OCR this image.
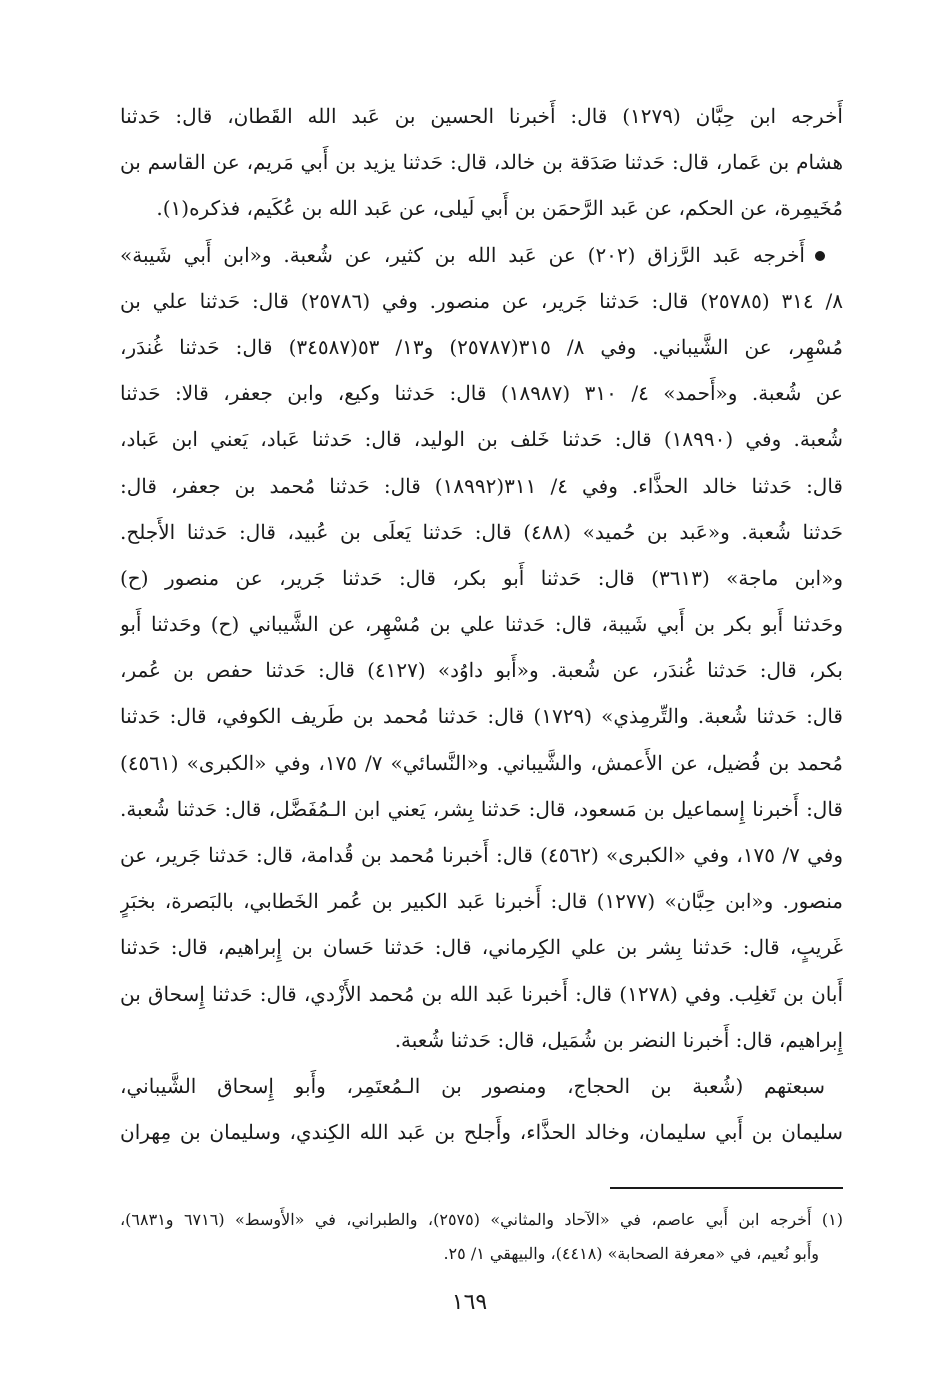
أَخرجه ابن حِبَّان (١٢٧٩) قال: أَخبرنا الحسين بن عَبد الله القَطان، قال: حَدثنا
هشام بن عَمار، قال: حَدثنا صَدَقة بن خالد، قال: حَدثنا يزيد بن أَبي مَريم، عن القاسم بن
مُخَيمِرة، عن الحكم، عن عَبد الرَّحمَن بن أَبي لَيلى، عن عَبد الله بن عُكَيم، فذكره(١).
أَخرجه عَبد الرَّزاق (٢٠٢) عن عَبد الله بن كثير، عن شُعبة. و«ابن أَبي شَيبة»
٨/ ٣١٤ (٢٥٧٨٥) قال: حَدثنا جَرير، عن منصور. وفي (٢٥٧٨٦) قال: حَدثنا علي بن
مُسْهِر، عن الشَّيباني. وفي ٨/ ٣١٥(٢٥٧٨٧) و١٣/ ٥٣(٣٤٥٨٧) قال: حَدثنا غُندَر،
عن شُعبة. و«أَحمد» ٤/ ٣١٠ (١٨٩٨٧) قال: حَدثنا وكيع، وابن جعفر، قالا: حَدثنا
شُعبة. وفي (١٨٩٩٠) قال: حَدثنا خَلف بن الوليد، قال: حَدثنا عَباد، يَعني ابن عَباد،
قال: حَدثنا خالد الحذَّاء. وفي ٤/ ٣١١(١٨٩٩٢) قال: حَدثنا مُحمد بن جعفر، قال:
حَدثنا شُعبة. و«عَبد بن حُميد» (٤٨٨) قال: حَدثنا يَعلَى بن عُبيد، قال: حَدثنا الأَجلح.
و«ابن ماجة» (٣٦١٣) قال: حَدثنا أَبو بكر، قال: حَدثنا جَرير، عن منصور (ح)
وحَدثنا أَبو بكر بن أَبي شَيبة، قال: حَدثنا علي بن مُسْهِر، عن الشَّيباني (ح) وحَدثنا أَبو
بكر، قال: حَدثنا غُندَر، عن شُعبة. و«أَبو داوُد» (٤١٢٧) قال: حَدثنا حفص بن عُمر،
قال: حَدثنا شُعبة. والتِّرمِذي» (١٧٢٩) قال: حَدثنا مُحمد بن طَريف الكوفي، قال: حَدثنا
مُحمد بن فُضيل، عن الأَعمش، والشَّيباني. و«النَّسائي» ٧/ ١٧٥، وفي «الكبرى» (٤٥٦١)
قال: أَخبرنا إِسماعيل بن مَسعود، قال: حَدثنا بِشر، يَعني ابن الـمُفَضَّل، قال: حَدثنا شُعبة.
وفي ٧/ ١٧٥، وفي «الكبرى» (٤٥٦٢) قال: أَخبرنا مُحمد بن قُدامة، قال: حَدثنا جَرير، عن
منصور. و«ابن حِبَّان» (١٢٧٧) قال: أَخبرنا عَبد الكبير بن عُمر الخَطابي، بالبَصرة، بخبَرٍ
غَريبٍ، قال: حَدثنا بِشر بن علي الكِرماني، قال: حَدثنا حَسان بن إِبراهيم، قال: حَدثنا
أَبان بن تَغلِب. وفي (١٢٧٨) قال: أَخبرنا عَبد الله بن مُحمد الأَزْدي، قال: حَدثنا إِسحاق بن
إِبراهيم، قال: أَخبرنا النضر بن شُمَيل، قال: حَدثنا شُعبة.
سبعتهم (شُعبة بن الحجاج، ومنصور بن الـمُعتَمِر، وأَبو إِسحاق الشَّيباني،
سليمان بن أَبي سليمان، وخالد الحذَّاء، وأَجلح بن عَبد الله الكِندي، وسليمان بن مِهران
(١) أَخرجه ابن أَبي عاصم، في «الآحاد والمثاني» (٢٥٧٥)، والطبراني، في «الأَوسط» (٦٧١٦ و٦٨٣١)،
وأَبو نُعيم، في «معرفة الصحابة» (٤٤١٨)، والبيهقي ١/ ٢٥.
١٦٩
